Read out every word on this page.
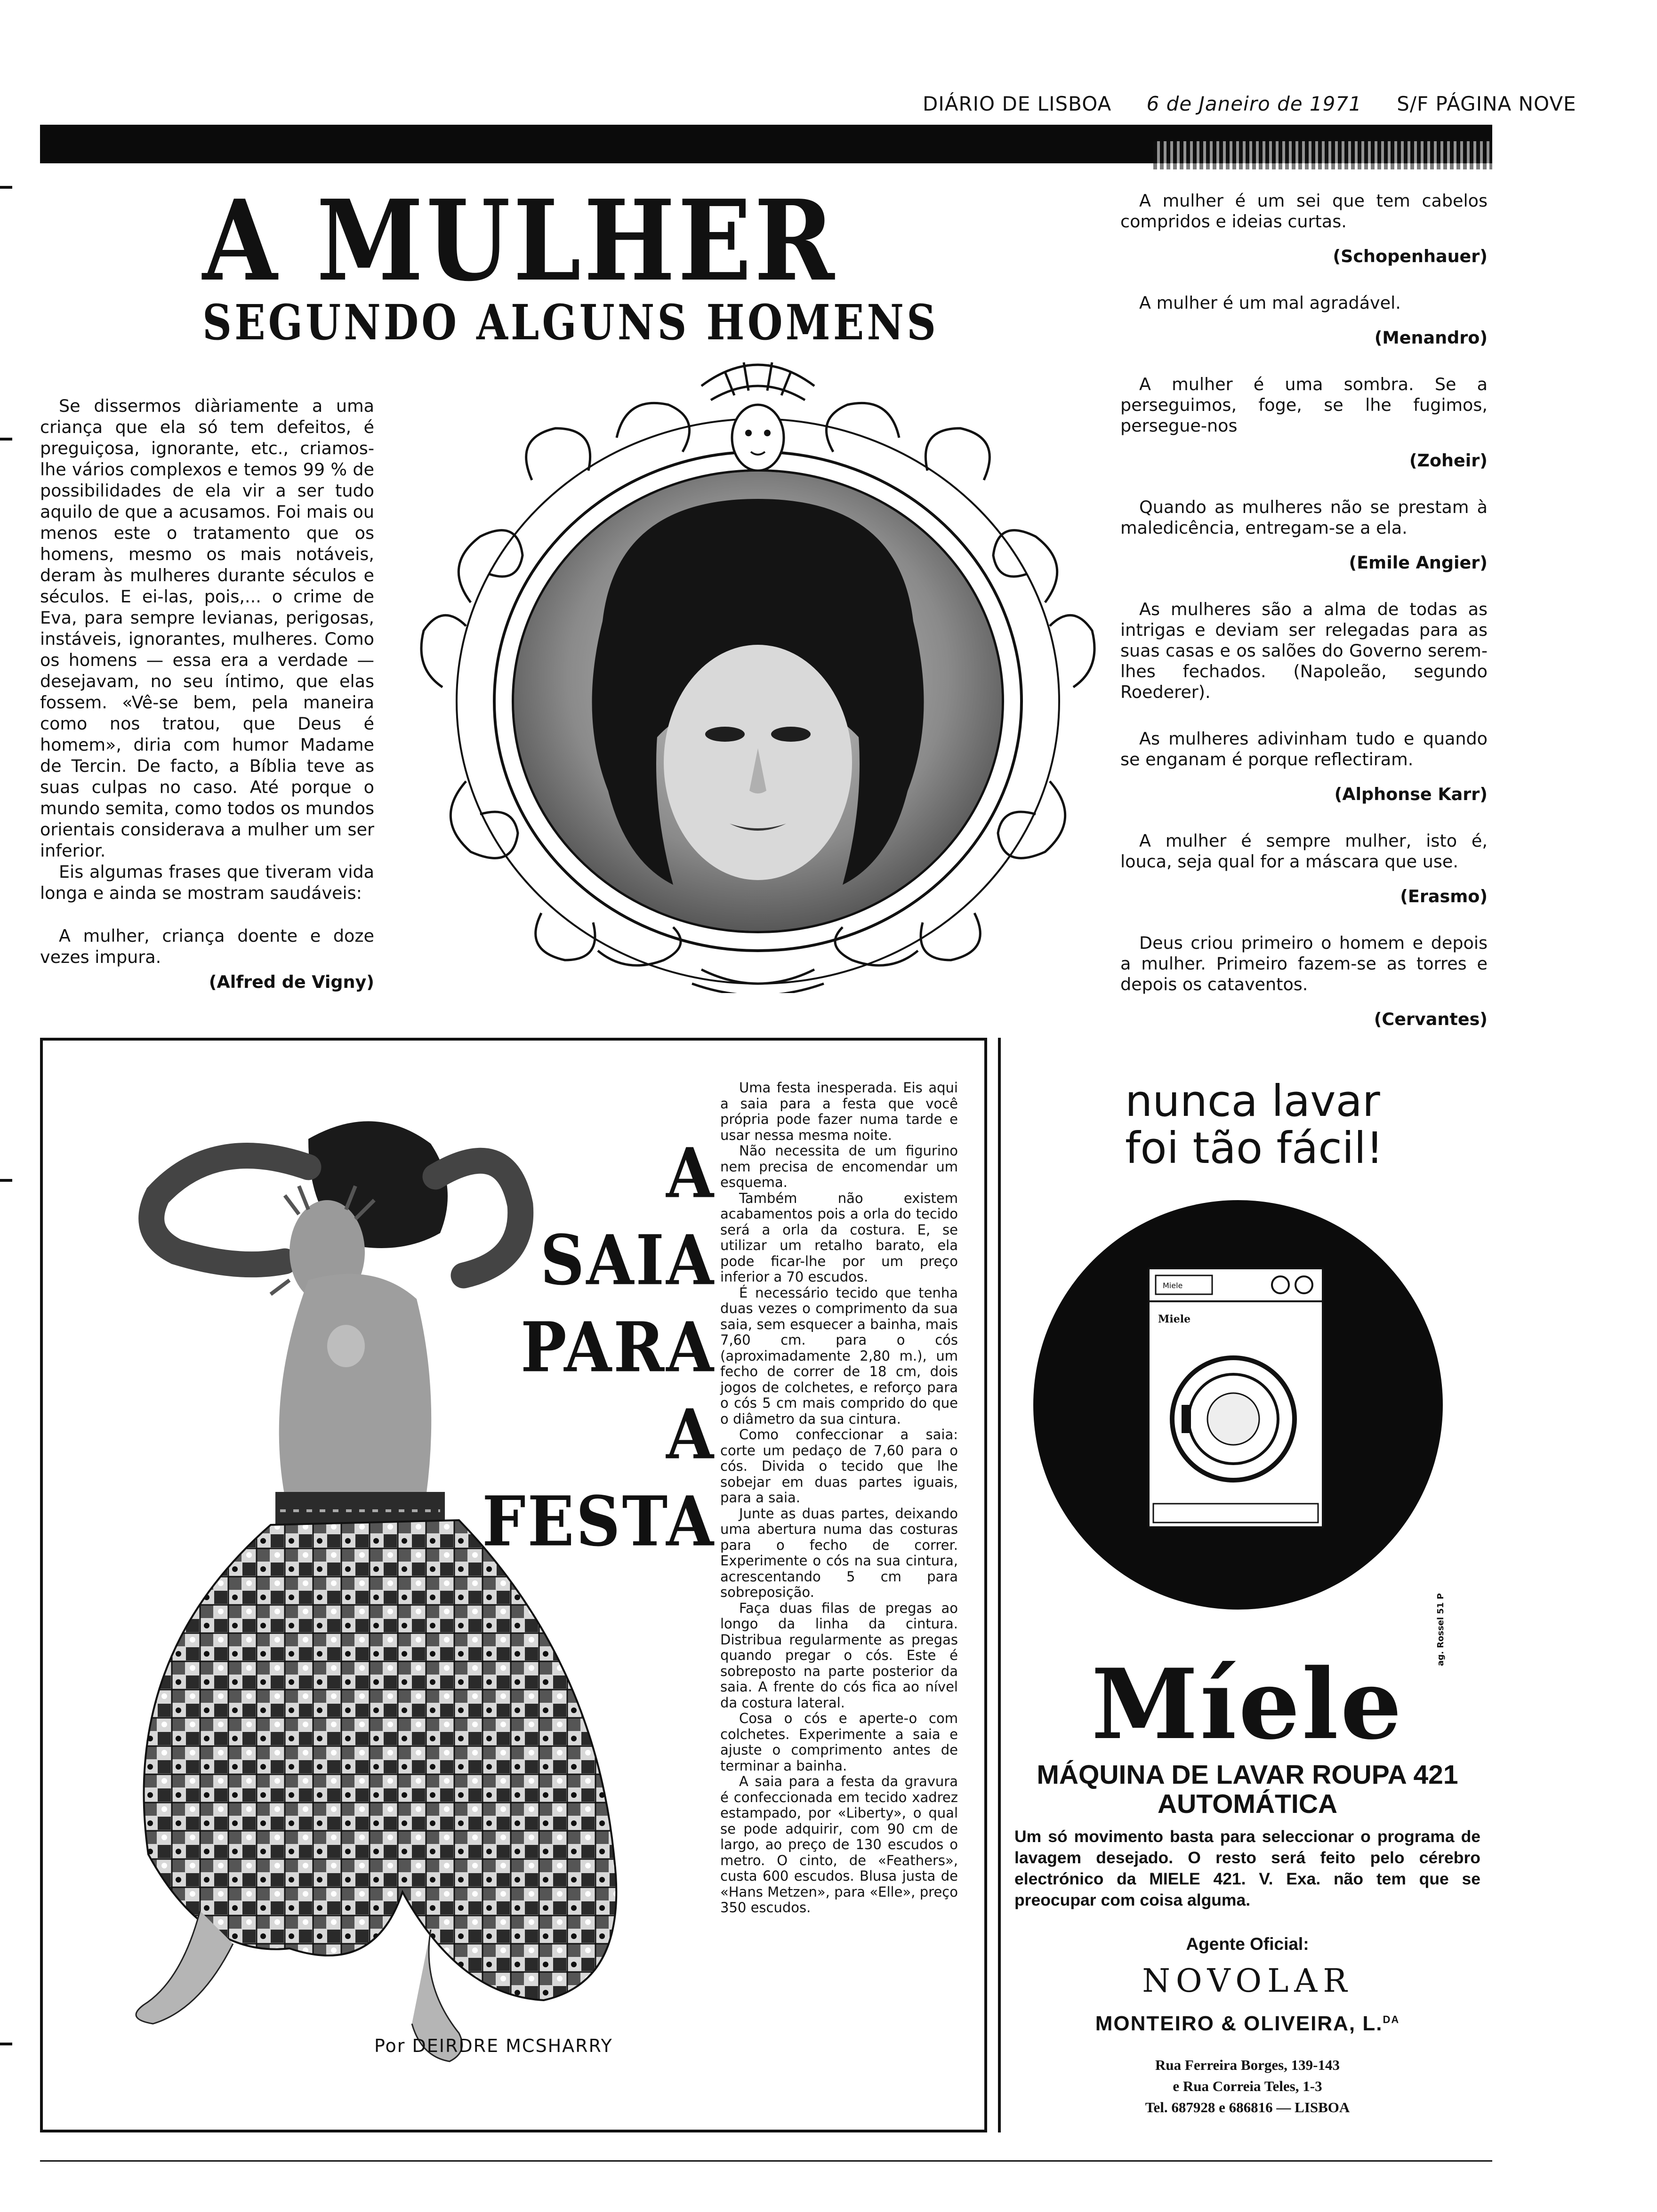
DIÁRIO DE LISBOA 6 de Janeiro de 1971 S/F PÁGINA NOVE
A MULHER
SEGUNDO ALGUNS HOMENS

Se dissermos diàriamente a uma criança que ela só tem defeitos, é preguiçosa, ignorante, etc., criamos-lhe vários complexos e temos 99 % de possibilidades de ela vir a ser tudo aquilo de que a acusamos. Foi mais ou menos este o tratamento que os homens, mesmo os mais notáveis, deram às mulheres durante séculos e séculos. E ei-las, pois,... o crime de Eva, para sempre levianas, perigosas, instáveis, ignorantes, mulheres. Como os homens — essa era a verdade — desejavam, no seu íntimo, que elas fossem. «Vê-se bem, pela maneira como nos tratou, que Deus é homem», diria com humor Madame de Tercin. De facto, a Bíblia teve as suas culpas no caso. Até porque o mundo semita, como todos os mundos orientais considerava a mulher um ser inferior.

Eis algumas frases que tiveram vida longa e ainda se mostram saudáveis:

A mulher, criança doente e doze vezes impura.

(Alfred de Vigny)

A mulher é um sei que tem cabelos compridos e ideias curtas.

(Schopenhauer)

A mulher é um mal agradável.

(Menandro)

A mulher é uma sombra. Se a perseguimos, foge, se lhe fugimos, persegue-nos

(Zoheir)

Quando as mulheres não se prestam à maledicência, entregam-se a ela.

(Emile Angier)

As mulheres são a alma de todas as intrigas e deviam ser relegadas para as suas casas e os salões do Governo serem-lhes fechados. (Napoleão, segundo Roederer).

As mulheres adivinham tudo e quando se enganam é porque reflectiram.

(Alphonse Karr)

A mulher é sempre mulher, isto é, louca, seja qual for a máscara que use.

(Erasmo)

Deus criou primeiro o homem e depois a mulher. Primeiro fazem-se as torres e depois os cataventos.

(Cervantes)
A
SAIA
PARA
A
FESTA
Por DEIRDRE MCSHARRY

Uma festa inesperada. Eis aqui a saia para a festa que você própria pode fazer numa tarde e usar nessa mesma noite.

Não necessita de um figurino nem precisa de encomendar um esquema.

Também não existem acabamentos pois a orla do tecido será a orla da costura. E, se utilizar um retalho barato, ela pode ficar-lhe por um preço inferior a 70 escudos.

É necessário tecido que tenha duas vezes o comprimento da sua saia, sem esquecer a bainha, mais 7,60 cm. para o cós (aproximadamente 2,80 m.), um fecho de correr de 18 cm, dois jogos de colchetes, e reforço para o cós 5 cm mais comprido do que o diâmetro da sua cintura.

Como confeccionar a saia: corte um pedaço de 7,60 para o cós. Divida o tecido que lhe sobejar em duas partes iguais, para a saia.

Junte as duas partes, deixando uma abertura numa das costuras para o fecho de correr. Experimente o cós na sua cintura, acrescentando 5 cm para sobreposição.

Faça duas filas de pregas ao longo da linha da cintura. Distribua regularmente as pregas quando pregar o cós. Este é sobreposto na parte posterior da saia. A frente do cós fica ao nível da costura lateral.

Cosa o cós e aperte-o com colchetes. Experimente a saia e ajuste o comprimento antes de terminar a bainha.

A saia para a festa da gravura é confeccionada em tecido xadrez estampado, por «Liberty», o qual se pode adquirir, com 90 cm de largo, ao preço de 130 escudos o metro. O cinto, de «Feathers», custa 600 escudos. Blusa justa de «Hans Metzen», para «Elle», preço 350 escudos.

nunca lavar
foi tão fácil!
Miele
Miele
ag. Rossel 51 P
Míele
MÁQUINA DE LAVAR ROUPA 421
AUTOMÁTICA
Um só movimento basta para seleccionar o programa de lavagem desejado. O resto será feito pelo cérebro electrónico da MIELE 421. V. Exa. não tem que se preocupar com coisa alguma.
Agente Oficial:
NOVOLAR
MONTEIRO & OLIVEIRA, L.$^{DA}$
Rua Ferreira Borges, 139-143
e Rua Correia Teles, 1-3
Tel. 687928 e 686816 — LISBOA
